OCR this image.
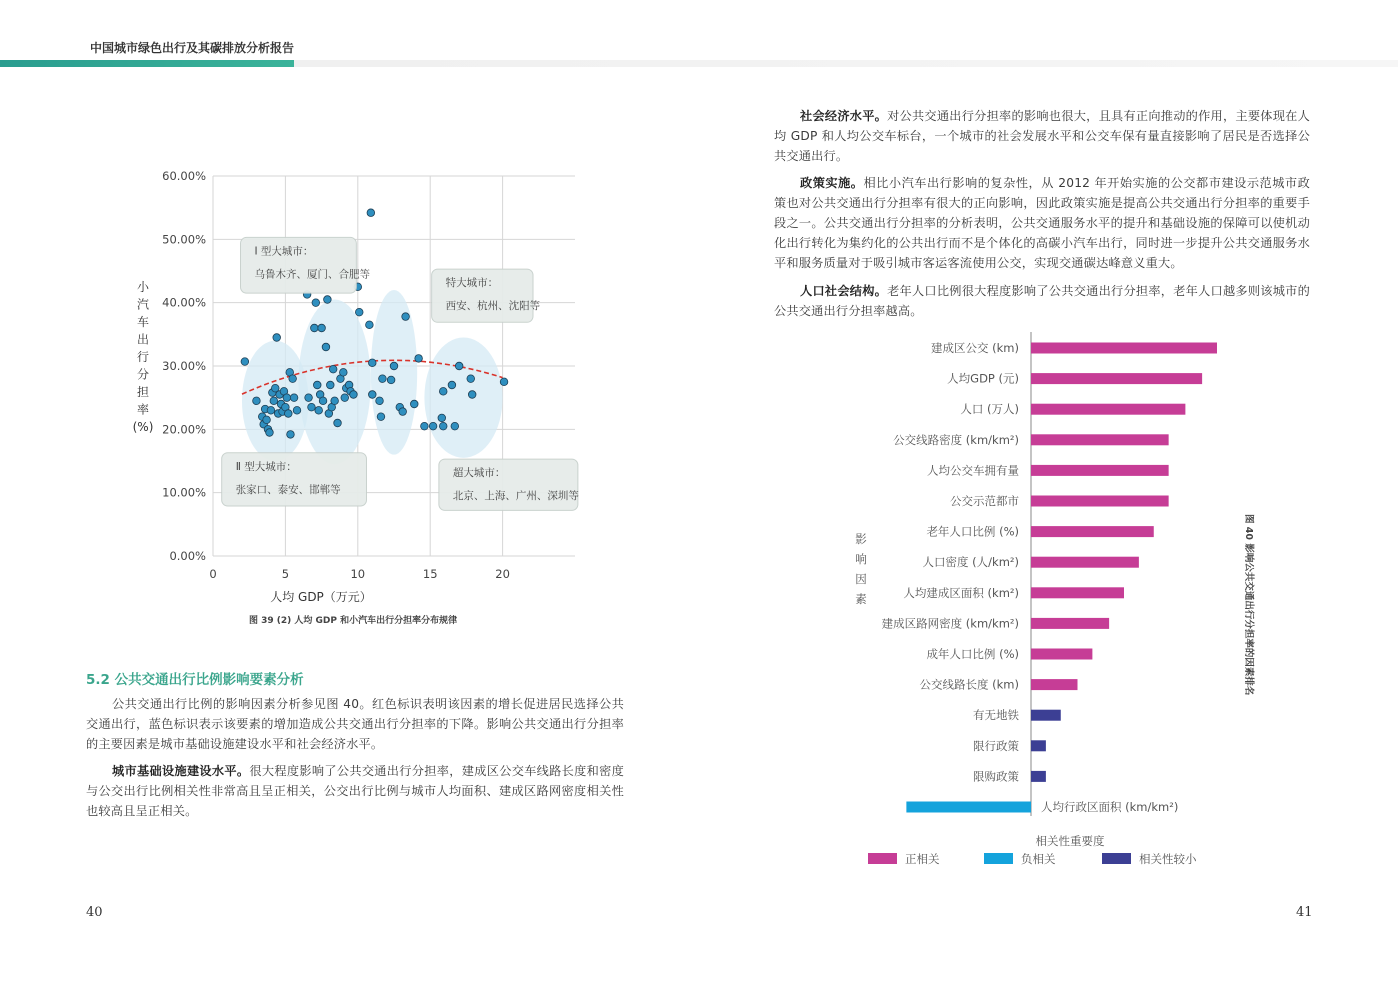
中国城市绿色出行及其碳排放分析报告
0.00%
10.00%
20.00%
30.00%
40.00%
50.00%
60.00%
0	5	10	15	20
Ⅰ 型大城市：
乌鲁木齐、厦门、合肥等
特大城市：
西安、杭州、沈阳等
Ⅱ 型大城市：
张家口、泰安、邯郸等
超大城市：
北京、上海、广州、深圳等
人均 GDP（万元）
小汽车出行分担率(%)
图 39 (2) 人均 GDP 和小汽车出行分担率分布规律
5.2 公共交通出行比例影响要素分析
公共交通出行比例的影响因素分析参见图 40。红色标识表明该因素的增长促进居民选择公共交通出行，蓝色标识表示该要素的增加造成公共交通出行分担率的下降。影响公共交通出行分担率的主要因素是城市基础设施建设水平和社会经济水平。
城市基础设施建设水平。很大程度影响了公共交通出行分担率，建成区公交车线路长度和密度与公交出行比例相关性非常高且呈正相关，公交出行比例与城市人均面积、建成区路网密度相关性也较高且呈正相关。
40
社会经济水平。对公共交通出行分担率的影响也很大，且具有正向推动的作用，主要体现在人均 GDP 和人均公交车标台，一个城市的社会发展水平和公交车保有量直接影响了居民是否选择公共交通出行。
政策实施。相比小汽车出行影响的复杂性，从 2012 年开始实施的公交都市建设示范城市政策也对公共交通出行分担率有很大的正向影响，因此政策实施是提高公共交通出行分担率的重要手段之一。公共交通出行分担率的分析表明，公共交通服务水平的提升和基础设施的保障可以使机动化出行转化为集约化的公共出行而不是个体化的高碳小汽车出行，同时进一步提升公共交通服务水平和服务质量对于吸引城市客运客流使用公交，实现交通碳达峰意义重大。
人口社会结构。老年人口比例很大程度影响了公共交通出行分担率，老年人口越多则该城市的公共交通出行分担率越高。
建成区公交 (km)
人均GDP (元)
人口 (万人)
公交线路密度 (km/km²)
人均公交车拥有量
公交示范都市
老年人口比例 (%)
人口密度 (人/km²)
人均建成区面积 (km²)
建成区路网密度 (km/km²)
成年人口比例 (%)
公交线路长度 (km)
有无地铁
限行政策
限购政策
人均行政区面积 (km/km²)
影响因素	图 40 影响公共交通出行分担率的因素排名
相关性重要度
正相关	负相关	相关性较小
41
